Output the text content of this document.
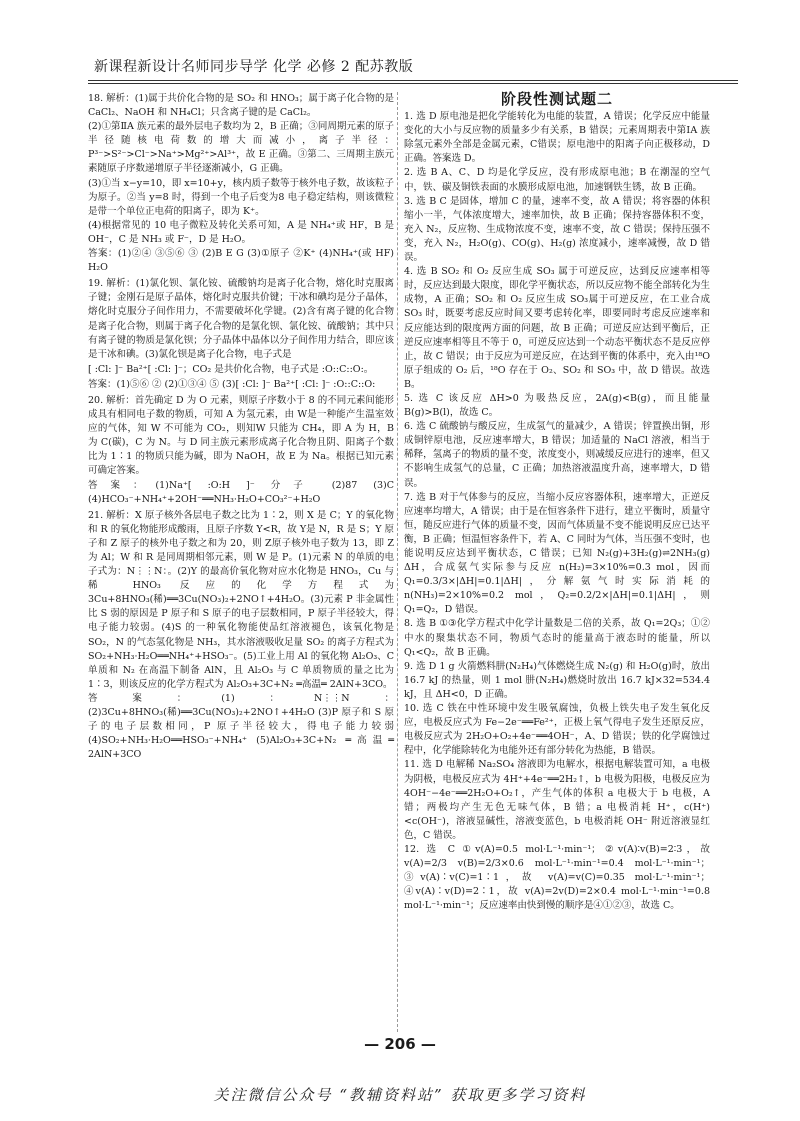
新课程新设计名师同步导学 化学 必修 2 配苏教版

18. 解析：(1)属于共价化合物的是 SO₂ 和 HNO₃；属于离子化合物的是 CaCl₂、NaOH 和 NH₄Cl；只含离子键的是 CaCl₂。

(2)①第ⅡA 族元素的最外层电子数均为 2，B 正确；③同周期元素的原子半径随核电荷数的增大而减小，离子半径：P³⁻>S²⁻>Cl⁻>Na⁺>Mg²⁺>Al³⁺，故 E 正确。③第二、三周期主族元素随原子序数递增原子半径逐渐减小，G 正确。

(3)①当 x−y=10，即 x=10+y，核内质子数等于核外电子数，故该粒子为原子。②当 y=8 时，得到一个电子后变为8 电子稳定结构，则该微粒是带一个单位正电荷的阳离子，即为 K⁺。

(4)根据常见的 10 电子微粒及转化关系可知，A 是 NH₄⁺或 HF，B 是 OH⁻，C 是 NH₃ 或 F⁻，D 是 H₂O。

答案：(1)②④ ③⑤⑥ ③ (2)B E G (3)①原子 ②K⁺ (4)NH₄⁺(或 HF) H₂O

19. 解析：(1)氯化钡、氯化铵、硫酸钠均是离子化合物，熔化时克服离子键；金刚石是原子晶体，熔化时克服共价键；干冰和碘均是分子晶体，熔化时克服分子间作用力，不需要破坏化学键。(2)含有离子键的化合物是离子化合物，则属于离子化合物的是氯化钡、氯化铵、硫酸钠；其中只有离子键的物质是氯化钡；分子晶体中晶体以分子间作用力结合，即应该是干冰和碘。(3)氯化钡是离子化合物，电子式是

[ :Cl: ]⁻ Ba²⁺[ :Cl: ]⁻；CO₂ 是共价化合物，电子式是 :O::C::O:。

答案：(1)⑤⑥ ② (2)①③④ ⑤ (3)[ :Cl: ]⁻ Ba²⁺[ :Cl: ]⁻ :O::C::O:

20. 解析：首先确定 D 为 O 元素，则原子序数小于 8 的不同元素间能形成具有相同电子数的物质，可知 A 为氢元素，由 W是一种能产生温室效应的气体，知 W 不可能为 CO₂，则知W 只能为 CH₄，即 A 为 H，B 为 C(碳)，C 为 N。与 D 同主族元素形成离子化合物且阴、阳离子个数比为 1∶1 的物质只能为碱，即为 NaOH，故 E 为 Na。根据已知元素可确定答案。

答案：(1)Na⁺[ :O:H ]⁻ 分子 (2)87 (3)C (4)HCO₃⁻+NH₄⁺+2OH⁻══NH₃·H₂O+CO₃²⁻+H₂O

21. 解析：X 原子核外各层电子数之比为 1∶2，则 X 是 C；Y 的氧化物和 R 的氧化物能形成酸雨，且原子序数 Y<R，故 Y是 N，R 是 S；Y 原子和 Z 原子的核外电子数之和为 20，则 Z原子核外电子数为 13，即 Z 为 Al；W 和 R 是同周期相邻元素，则 W 是 P。(1)元素 N 的单质的电子式为：N⋮⋮N：。(2)Y 的最高价氧化物对应水化物是 HNO₃，Cu 与稀 HNO₃ 反应的化学方程式为 3Cu+8HNO₃(稀)══3Cu(NO₃)₂+2NO↑+4H₂O。(3)元素 P 非金属性比 S 弱的原因是 P 原子和 S 原子的电子层数相同，P 原子半径较大，得电子能力较弱。(4)S 的一种氧化物能使品红溶液褪色，该氧化物是 SO₂，N 的气态氢化物是 NH₃，其水溶液吸收足量 SO₂ 的离子方程式为 SO₂+NH₃·H₂O══NH₄⁺+HSO₃⁻。(5)工业上用 Al 的氧化物 Al₂O₃、C 单质和 N₂ 在高温下制备 AlN，且 Al₂O₃ 与 C 单质物质的量之比为 1∶3，则该反应的化学方程式为 Al₂O₃+3C+N₂ ═高温═ 2AlN+3CO。

答案：(1)：N⋮⋮N： (2)3Cu+8HNO₃(稀)══3Cu(NO₃)₂+2NO↑+4H₂O (3)P 原子和 S 原子的电子层数相同，P 原子半径较大，得电子能力较弱 (4)SO₂+NH₃·H₂O══HSO₃⁻+NH₄⁺ (5)Al₂O₃+3C+N₂ ═高温═ 2AlN+3CO

阶段性测试题二

1. 选 D 原电池是把化学能转化为电能的装置，A 错误；化学反应中能量变化的大小与反应物的质量多少有关系，B 错误；元素周期表中第ⅠA 族除氢元素外全部是金属元素，C错误；原电池中的阳离子向正极移动，D 正确。答案选 D。

2. 选 B A、C、D 均是化学反应，没有形成原电池；B 在潮湿的空气中，铁、碳及铜铁表面的水膜形成原电池，加速钢铁生锈，故 B 正确。

3. 选 B C 是固体，增加 C 的量，速率不变，故 A 错误；将容器的体积缩小一半，气体浓度增大，速率加快，故 B 正确；保持容器体积不变，充入 N₂，反应物、生成物浓度不变，速率不变，故 C 错误；保持压强不变，充入 N₂，H₂O(g)、CO(g)、H₂(g) 浓度减小，速率减慢，故 D 错误。

4. 选 B SO₂ 和 O₂ 反应生成 SO₃ 属于可逆反应，达到反应速率相等时，反应达到最大限度，即化学平衡状态，所以反应物不能全部转化为生成物，A 正确；SO₂ 和 O₂ 反应生成 SO₃属于可逆反应，在工业合成 SO₃ 时，既要考虑反应时间又要考虑转化率，即要同时考虑反应速率和反应能达到的限度两方面的问题，故 B 正确；可逆反应达到平衡后，正逆反应速率相等且不等于 0，可逆反应达到一个动态平衡状态不是反应停止，故 C 错误；由于反应为可逆反应，在达到平衡的体系中，充入由¹⁸O 原子组成的 O₂ 后，¹⁸O 存在于 O₂、SO₂ 和 SO₃ 中，故 D 错误。故选 B。

5. 选 C 该反应 ΔH>0 为吸热反应，2A(g)<B(g)，而且能量 B(g)>B(l)，故选 C。

6. 选 C 硫酸钠与酸反应，生成氢气的量减少，A 错误；锌置换出铜，形成铜锌原电池，反应速率增大，B 错误；加适量的 NaCl 溶液，相当于稀释，氢离子的物质的量不变，浓度变小，则减缓反应进行的速率，但又不影响生成氢气的总量，C 正确；加热溶液温度升高，速率增大，D 错误。

7. 选 B 对于气体参与的反应，当缩小反应容器体积，速率增大，正逆反应速率均增大，A 错误；由于是在恒容条件下进行，建立平衡时，质量守恒，随反应进行气体的质量不变，因而气体质量不变不能说明反应已达平衡，B 正确；恒温恒容条件下，若 A、C 同时为气体，当压强不变时，也能说明反应达到平衡状态，C 错误；已知 N₂(g)+3H₂(g)⇌2NH₃(g) ΔH，合成氨气实际参与反应 n(H₂)=3×10%=0.3 mol，因而 Q₁=0.3/3×|ΔH|=0.1|ΔH|，分解氨气时实际消耗的 n(NH₃)=2×10%=0.2 mol，Q₂=0.2/2×|ΔH|=0.1|ΔH|，则 Q₁=Q₂，D 错误。

8. 选 B ①③化学方程式中化学计量数是二倍的关系，故 Q₁=2Q₃；①②中水的聚集状态不同，物质气态时的能量高于液态时的能量，所以 Q₁<Q₂，故 B 正确。

9. 选 D 1 g 火箭燃料肼(N₂H₄)气体燃烧生成 N₂(g) 和 H₂O(g)时，放出 16.7 kJ 的热量，则 1 mol 肼(N₂H₄)燃烧时放出 16.7 kJ×32=534.4 kJ，且 ΔH<0，D 正确。

10. 选 C 铁在中性环境中发生吸氧腐蚀，负极上铁失电子发生氧化反应，电极反应式为 Fe−2e⁻══Fe²⁺，正极上氧气得电子发生还原反应，电极反应式为 2H₂O+O₂+4e⁻══4OH⁻，A、D 错误；铁的化学腐蚀过程中，化学能除转化为电能外还有部分转化为热能，B 错误。

11. 选 D 电解稀 Na₂SO₄ 溶液即为电解水，根据电解装置可知，a 电极为阴极，电极反应式为 4H⁺+4e⁻══2H₂↑，b 电极为阳极，电极反应为 4OH⁻−4e⁻══2H₂O+O₂↑，产生气体的体积 a 电极大于 b 电极，A 错；两极均产生无色无味气体，B 错；a 电极消耗 H⁺，c(H⁺)<c(OH⁻)，溶液显碱性，溶液变蓝色，b 电极消耗 OH⁻ 附近溶液显红色，C 错误。

12. 选 C ①v(A)=0.5 mol·L⁻¹·min⁻¹；②v(A)∶v(B)=2∶3，故 v(A)=2/3 v(B)=2/3×0.6 mol·L⁻¹·min⁻¹=0.4 mol·L⁻¹·min⁻¹；③v(A)∶v(C)=1∶1，故 v(A)=v(C)=0.35 mol·L⁻¹·min⁻¹；④v(A)∶v(D)=2∶1，故 v(A)=2v(D)=2×0.4 mol·L⁻¹·min⁻¹=0.8 mol·L⁻¹·min⁻¹；反应速率由快到慢的顺序是④①②③，故选 C。

— 206 —
关注微信公众号 “教辅资料站” 获取更多学习资料
